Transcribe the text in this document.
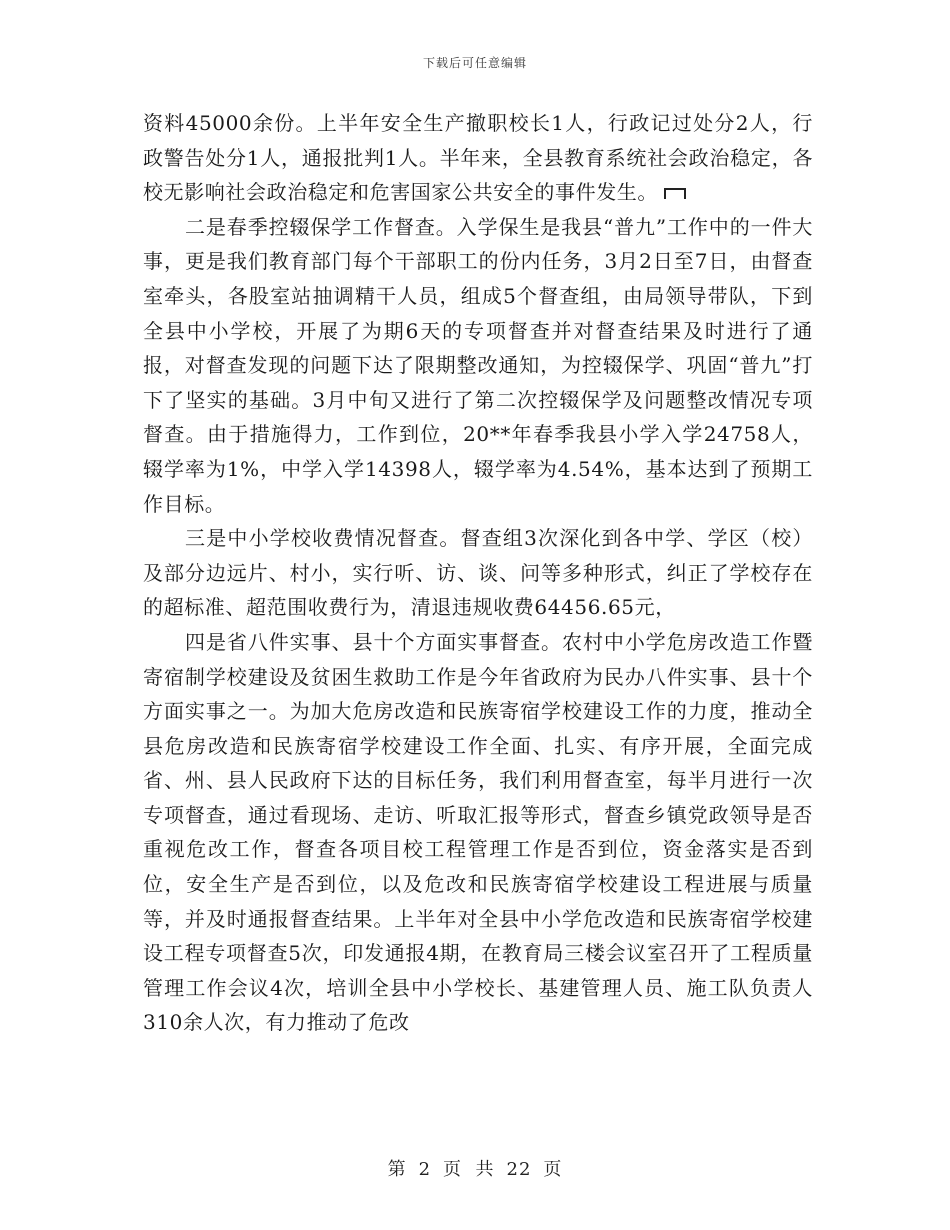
下载后可任意编辑

资料45000余份。上半年安全生产撤职校长1人，行政记过处分2人，行政警告处分1人，通报批判1人。半年来，全县教育系统社会政治稳定，各校无影响社会政治稳定和危害国家公共安全的事件发生。

二是春季控辍保学工作督查。入学保生是我县“普九”工作中的一件大事，更是我们教育部门每个干部职工的份内任务，3月2日至7日，由督查室牵头，各股室站抽调精干人员，组成5个督查组，由局领导带队，下到全县中小学校，开展了为期6天的专项督查并对督查结果及时进行了通报，对督查发现的问题下达了限期整改通知，为控辍保学、巩固“普九”打下了坚实的基础。3月中旬又进行了第二次控辍保学及问题整改情况专项督查。由于措施得力，工作到位，20**年春季我县小学入学24758人，辍学率为1%，中学入学14398人，辍学率为4.54%，基本达到了预期工作目标。

三是中小学校收费情况督查。督查组3次深化到各中学、学区（校）及部分边远片、村小，实行听、访、谈、问等多种形式，纠正了学校存在的超标准、超范围收费行为，清退违规收费64456.65元，

四是省八件实事、县十个方面实事督查。农村中小学危房改造工作暨寄宿制学校建设及贫困生救助工作是今年省政府为民办八件实事、县十个方面实事之一。为加大危房改造和民族寄宿学校建设工作的力度，推动全县危房改造和民族寄宿学校建设工作全面、扎实、有序开展，全面完成省、州、县人民政府下达的目标任务，我们利用督查室，每半月进行一次专项督查，通过看现场、走访、听取汇报等形式，督查乡镇党政领导是否重视危改工作，督查各项目校工程管理工作是否到位，资金落实是否到位，安全生产是否到位，以及危改和民族寄宿学校建设工程进展与质量等，并及时通报督查结果。上半年对全县中小学危改造和民族寄宿学校建设工程专项督查5次，印发通报4期，在教育局三楼会议室召开了工程质量管理工作会议4次，培训全县中小学校长、基建管理人员、施工队负责人310余人次，有力推动了危改

第 2 页  共 22 页
